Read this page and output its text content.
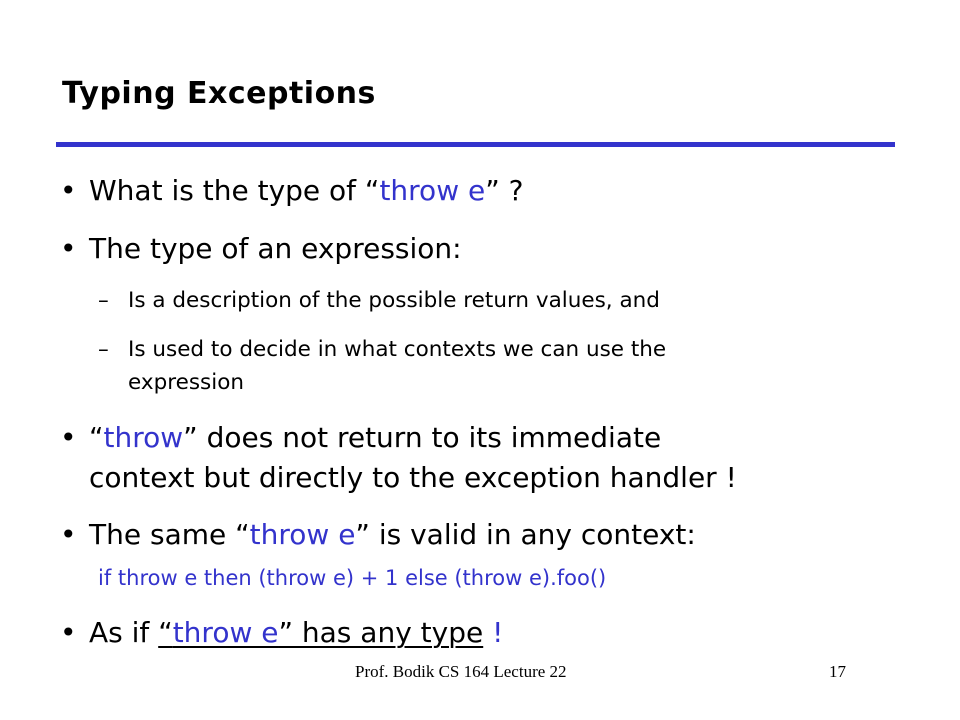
Typing Exceptions
• What is the type of “throw e” ?
• The type of an expression:
– Is a description of the possible return values, and
– Is used to decide in what contexts we can use the
expression
• “throw” does not return to its immediate
context but directly to the exception handler !
• The same “throw e” is valid in any context:
if throw e then (throw e) + 1 else (throw e).foo()
• As if “throw e” has any type !
Prof. Bodik CS 164 Lecture 22	17
